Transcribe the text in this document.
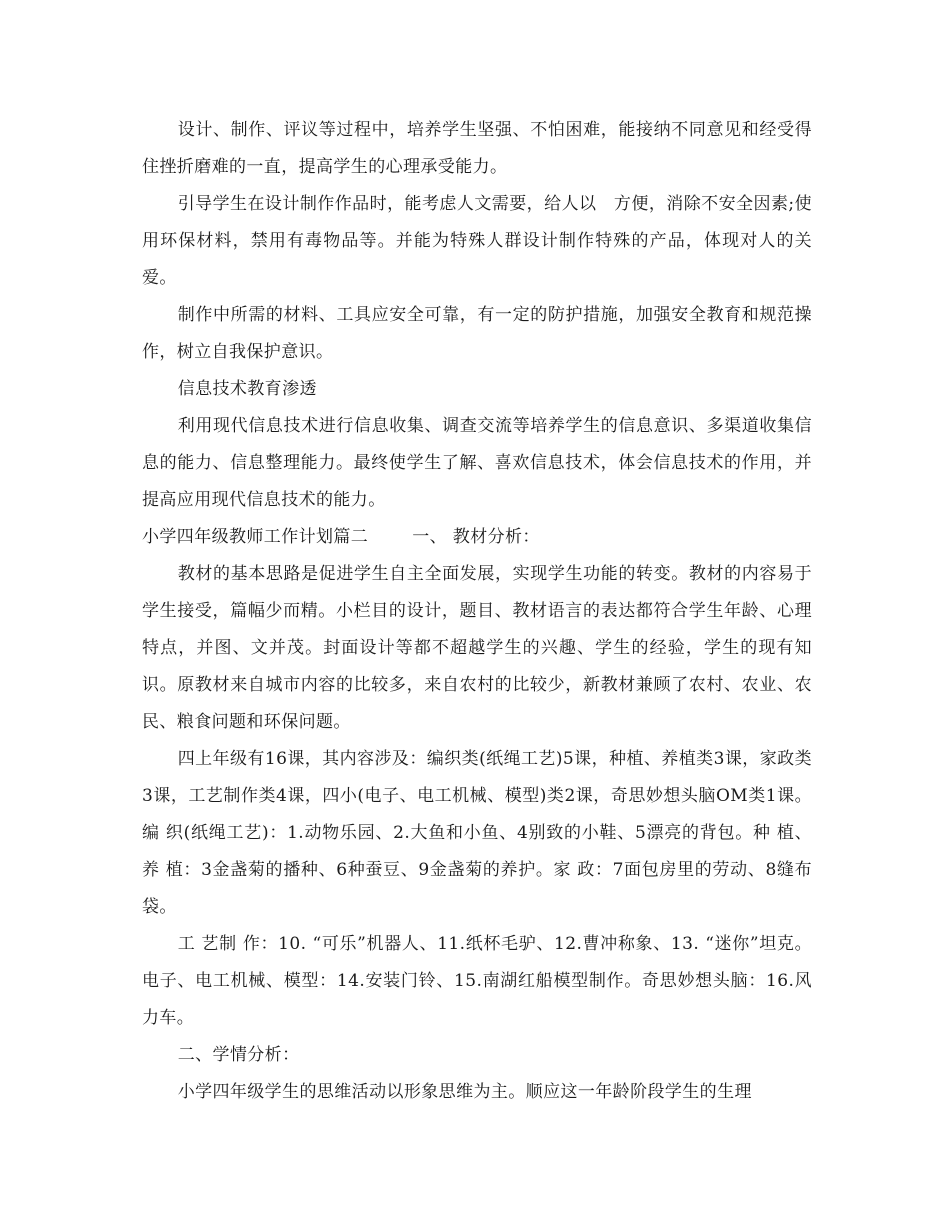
设计、制作、评议等过程中，培养学生坚强、不怕困难，能接纳不同意见和经受得住挫折磨难的一直，提高学生的心理承受能力。

引导学生在设计制作作品时，能考虑人文需要，给人以　方便，消除不安全因素;使用环保材料，禁用有毒物品等。并能为特殊人群设计制作特殊的产品，体现对人的关爱。

制作中所需的材料、工具应安全可靠，有一定的防护措施，加强安全教育和规范操作，树立自我保护意识。

信息技术教育渗透

利用现代信息技术进行信息收集、调查交流等培养学生的信息意识、多渠道收集信息的能力、信息整理能力。最终使学生了解、喜欢信息技术，体会信息技术的作用，并提高应用现代信息技术的能力。

小学四年级教师工作计划篇二	一、 教材分析：

教材的基本思路是促进学生自主全面发展，实现学生功能的转变。教材的内容易于学生接受，篇幅少而精。小栏目的设计，题目、教材语言的表达都符合学生年龄、心理特点，并图、文并茂。封面设计等都不超越学生的兴趣、学生的经验，学生的现有知识。原教材来自城市内容的比较多，来自农村的比较少，新教材兼顾了农村、农业、农民、粮食问题和环保问题。

四上年级有16课，其内容涉及：编织类(纸绳工艺)5课，种植、养植类3课，家政类3课，工艺制作类4课，四小(电子、电工机械、模型)类2课，奇思妙想头脑OM类1课。编 织(纸绳工艺)：1.动物乐园、2.大鱼和小鱼、4别致的小鞋、5漂亮的背包。种 植、养 植：3金盏菊的播种、6种蚕豆、9金盏菊的养护。家 政：7面包房里的劳动、8缝布袋。

工 艺制 作：10. “可乐”机器人、11.纸杯毛驴、12.曹冲称象、13. “迷你”坦克。电子、电工机械、模型：14.安装门铃、15.南湖红船模型制作。奇思妙想头脑：16.风力车。

二、学情分析：

小学四年级学生的思维活动以形象思维为主。顺应这一年龄阶段学生的生理
